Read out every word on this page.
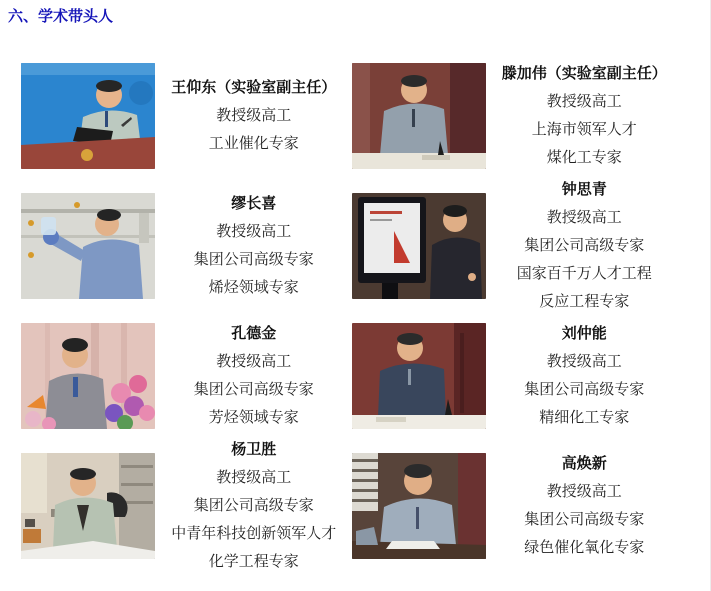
六、学术带头人
王仰东（实验室副主任）
教授级高工
工业催化专家
滕加伟（实验室副主任）
教授级高工
上海市领军人才
煤化工专家
缪长喜
教授级高工
集团公司高级专家
烯烃领域专家
钟思青
教授级高工
集团公司高级专家
国家百千万人才工程
反应工程专家
孔德金
教授级高工
集团公司高级专家
芳烃领域专家
刘仲能
教授级高工
集团公司高级专家
精细化工专家
杨卫胜
教授级高工
集团公司高级专家
中青年科技创新领军人才
化学工程专家
高焕新
教授级高工
集团公司高级专家
绿色催化氧化专家
